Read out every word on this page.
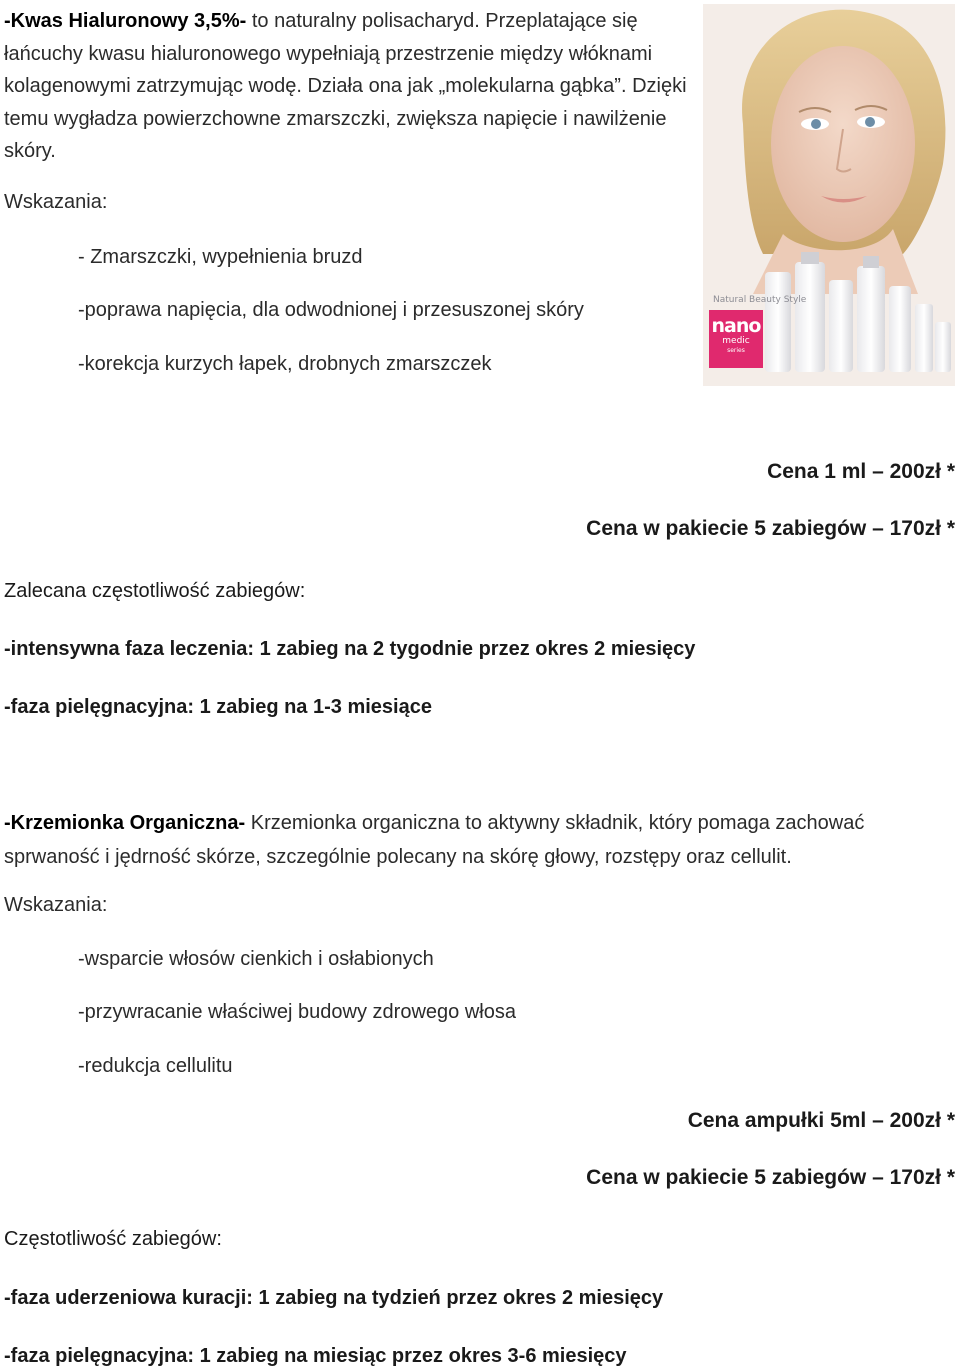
-Kwas Hialuronowy 3,5%- to naturalny polisacharyd. Przeplatające się łańcuchy kwasu hialuronowego wypełniają przestrzenie między włóknami kolagenowymi zatrzymując wodę. Działa ona jak „molekularna gąbka”. Dzięki temu wygładza powierzchowne zmarszczki, zwiększa napięcie i nawilżenie skóry.
Wskazania:
- Zmarszczki, wypełnienia bruzd
-poprawa napięcia, dla odwodnionej i przesuszonej skóry
-korekcja kurzych łapek, drobnych zmarszczek
Natural Beauty Style
nano
medic
series
Cena 1 ml – 200zł *
Cena w pakiecie 5 zabiegów – 170zł *
Zalecana częstotliwość zabiegów:
-intensywna faza leczenia: 1 zabieg na 2 tygodnie przez okres 2 miesięcy
-faza pielęgnacyjna: 1 zabieg na 1-3 miesiące
-Krzemionka Organiczna- Krzemionka organiczna to aktywny składnik, który pomaga zachować sprwaność i jędrność skórze, szczególnie polecany na skórę głowy, rozstępy oraz cellulit.
Wskazania:
-wsparcie włosów cienkich i osłabionych
-przywracanie właściwej budowy zdrowego włosa
-redukcja cellulitu
Cena ampułki 5ml – 200zł *
Cena w pakiecie 5 zabiegów – 170zł *
Częstotliwość zabiegów:
-faza uderzeniowa kuracji: 1 zabieg na tydzień przez okres 2 miesięcy
-faza pielęgnacyjna: 1 zabieg na miesiąc przez okres 3-6 miesięcy
